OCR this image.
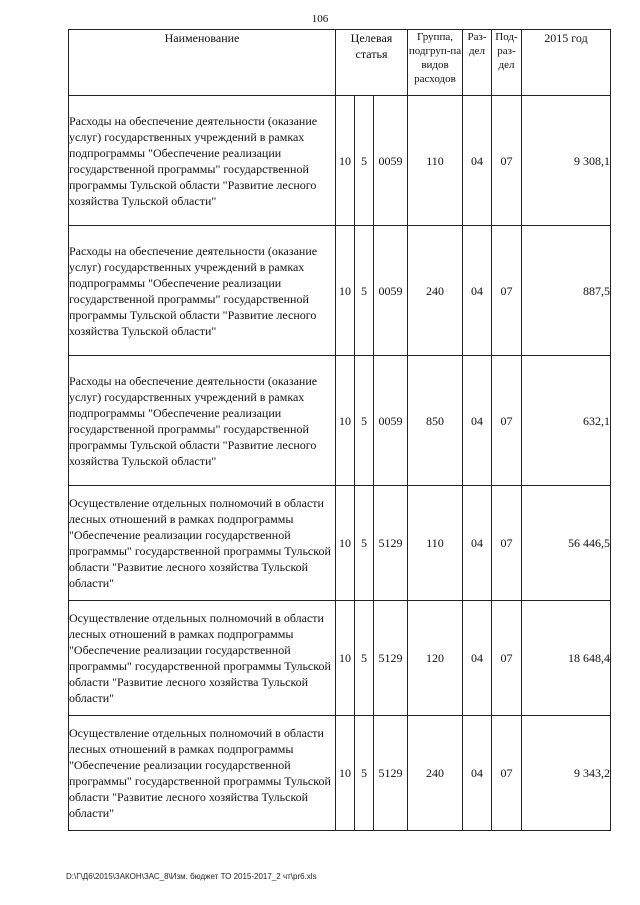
106
Наименование	Целевая статья			Группа, подгруп-па видов расходов	Раз-дел	Под-раз-дел	2015 год
Расходы на обеспечение деятельности (оказание услуг) государственных учреждений в рамках подпрограммы "Обеспечение реализации государственной программы" государственной программы Тульской области "Развитие лесного хозяйства Тульской области"	10	5	0059	110	04	07	9 308,1
Расходы на обеспечение деятельности (оказание услуг) государственных учреждений в рамках подпрограммы "Обеспечение реализации государственной программы" государственной программы Тульской области "Развитие лесного хозяйства Тульской области"	10	5	0059	240	04	07	887,5
Расходы на обеспечение деятельности (оказание услуг) государственных учреждений в рамках подпрограммы "Обеспечение реализации государственной программы" государственной программы Тульской области "Развитие лесного хозяйства Тульской области"	10	5	0059	850	04	07	632,1
Осуществление отдельных полномочий в области лесных отношений в рамках подпрограммы "Обеспечение реализации государственной программы" государственной программы Тульской области "Развитие лесного хозяйства Тульской области"	10	5	5129	110	04	07	56 446,5
Осуществление отдельных полномочий в области лесных отношений в рамках подпрограммы "Обеспечение реализации государственной программы" государственной программы Тульской области "Развитие лесного хозяйства Тульской области"	10	5	5129	120	04	07	18 648,4
Осуществление отдельных полномочий в области лесных отношений в рамках подпрограммы "Обеспечение реализации государственной программы" государственной программы Тульской области "Развитие лесного хозяйства Тульской области"	10	5	5129	240	04	07	9 343,2
D:\Г\Д6\2015\ЗАКОН\ЗАС_8\Изм. бюджет ТО 2015-2017_2 чт\pr6.xls
